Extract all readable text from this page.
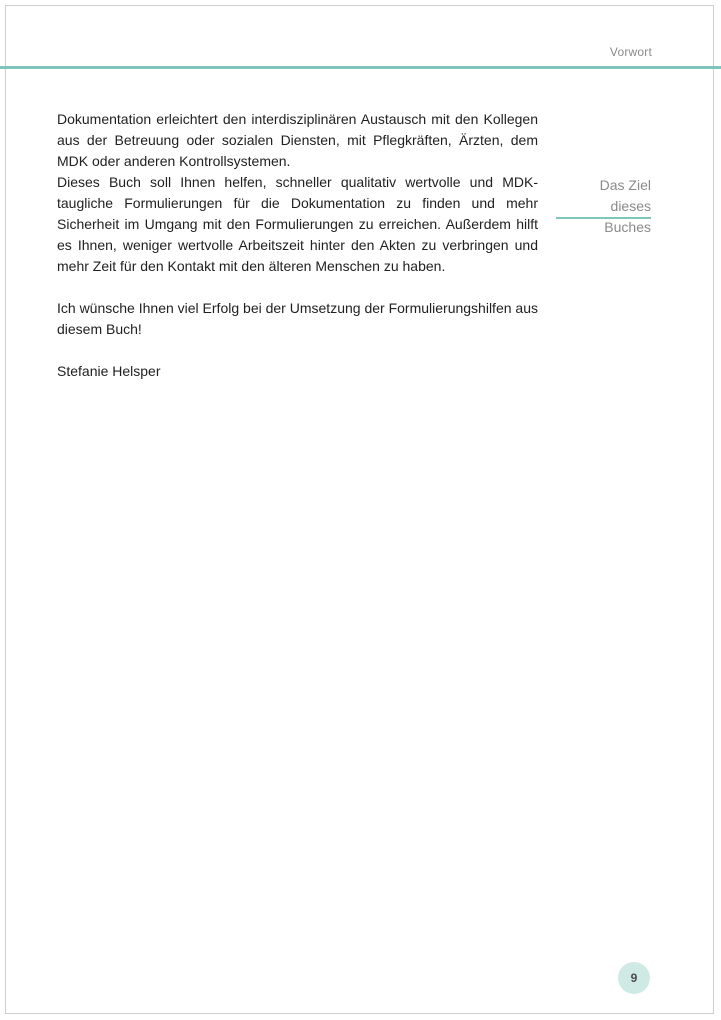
Vorwort

Dokumentation erleichtert den interdisziplinären Austausch mit den Kollegen aus der Betreuung oder sozialen Diensten, mit Pflegkräften, Ärzten, dem MDK oder anderen Kontrollsystemen.

Dieses Buch soll Ihnen helfen, schneller qualitativ wertvolle und MDK-taugliche Formulierungen für die Dokumentation zu finden und mehr Sicherheit im Umgang mit den Formulierungen zu erreichen. Außerdem hilft es Ihnen, weniger wertvolle Arbeitszeit hinter den Akten zu verbringen und mehr Zeit für den Kontakt mit den älteren Menschen zu haben.

Ich wünsche Ihnen viel Erfolg bei der Umsetzung der Formulierungshilfen aus diesem Buch!

Stefanie Helsper

Das Ziel dieses
Buches
9
